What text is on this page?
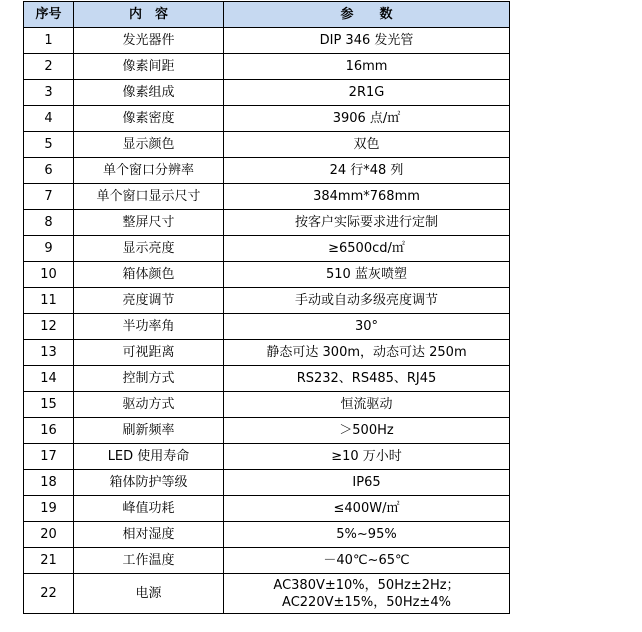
序号	内　容	参　　数
1	发光器件	DIP 346 发光管
2	像素间距	16mm
3	像素组成	2R1G
4	像素密度	3906 点/㎡
5	显示颜色	双色
6	单个窗口分辨率	24 行*48 列
7	单个窗口显示尺寸	384mm*768mm
8	整屏尺寸	按客户实际要求进行定制
9	显示亮度	≥6500cd/㎡
10	箱体颜色	510 蓝灰喷塑
11	亮度调节	手动或自动多级亮度调节
12	半功率角	30°
13	可视距离	静态可达 300m，动态可达 250m
14	控制方式	RS232、RS485、RJ45
15	驱动方式	恒流驱动
16	刷新频率	＞500Hz
17	LED 使用寿命	≥10 万小时
18	箱体防护等级	IP65
19	峰值功耗	≤400W/㎡
20	相对湿度	5%~95%
21	工作温度	－40℃~65℃
22	电源	AC380V±10%，50Hz±2Hz；AC220V±15%，50Hz±4%
